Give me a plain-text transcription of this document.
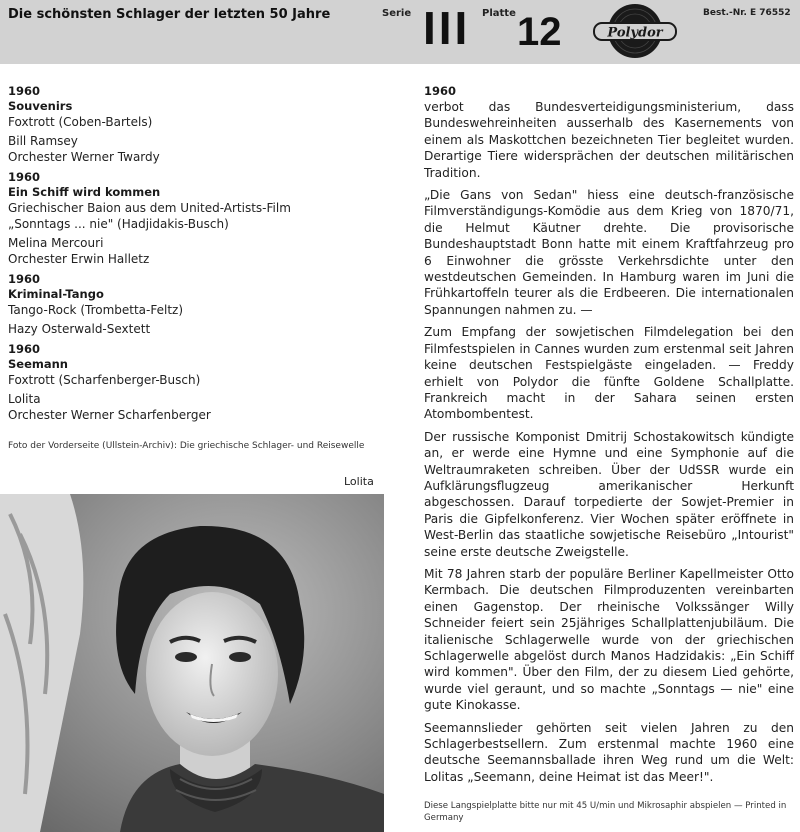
Die schönsten Schlager der letzten 50 Jahre	Serie III Platte 12	Polydor
Best.-Nr. E 76552
1960
Souvenirs
Foxtrott (Coben-Bartels)
Bill Ramsey
Orchester Werner Twardy
1960
Ein Schiff wird kommen
Griechischer Baion aus dem United-Artists-Film
„Sonntags ... nie" (Hadjidakis-Busch)
Melina Mercouri
Orchester Erwin Halletz
1960
Kriminal-Tango
Tango-Rock (Trombetta-Feltz)
Hazy Osterwald-Sextett
1960
Seemann
Foxtrott (Scharfenberger-Busch)
Lolita
Orchester Werner Scharfenberger
Foto der Vorderseite (Ullstein-Archiv): Die griechische Schlager- und Reisewelle
Lolita
1960

verbot das Bundesverteidigungsministerium, dass Bundeswehreinheiten ausserhalb des Kasernements von einem als Maskottchen bezeichneten Tier begleitet wurden. Derartige Tiere widersprächen der deutschen militärischen Tradition.

„Die Gans von Sedan" hiess eine deutsch-französische Filmverständigungs-Komödie aus dem Krieg von 1870/71, die Helmut Käutner drehte. Die provisorische Bundeshauptstadt Bonn hatte mit einem Kraftfahrzeug pro 6 Einwohner die grösste Verkehrsdichte unter den westdeutschen Gemeinden. In Hamburg waren im Juni die Frühkartoffeln teurer als die Erdbeeren. Die internationalen Spannungen nahmen zu. —

Zum Empfang der sowjetischen Filmdelegation bei den Filmfestspielen in Cannes wurden zum erstenmal seit Jahren keine deutschen Festspielgäste eingeladen. — Freddy erhielt von Polydor die fünfte Goldene Schallplatte. Frankreich macht in der Sahara seinen ersten Atombombentest.

Der russische Komponist Dmitrij Schostakowitsch kündigte an, er werde eine Hymne und eine Symphonie auf die Weltraumraketen schreiben. Über der UdSSR wurde ein Aufklärungsflugzeug amerikanischer Herkunft abgeschossen. Darauf torpedierte der Sowjet-Premier in Paris die Gipfelkonferenz. Vier Wochen später eröffnete in West-Berlin das staatliche sowjetische Reisebüro „Intourist" seine erste deutsche Zweigstelle.

Mit 78 Jahren starb der populäre Berliner Kapellmeister Otto Kermbach. Die deutschen Filmproduzenten vereinbarten einen Gagenstop. Der rheinische Volkssänger Willy Schneider feiert sein 25jähriges Schallplattenjubiläum. Die italienische Schlagerwelle wurde von der griechischen Schlagerwelle abgelöst durch Manos Hadzidakis: „Ein Schiff wird kommen". Über den Film, der zu diesem Lied gehörte, wurde viel geraunt, und so machte „Sonntags — nie" eine gute Kinokasse.

Seemannslieder gehörten seit vielen Jahren zu den Schlagerbestsellern. Zum erstenmal machte 1960 eine deutsche Seemannsballade ihren Weg rund um die Welt: Lolitas „Seemann, deine Heimat ist das Meer!".

Diese Langspielplatte bitte nur mit 45 U/min und Mikrosaphir abspielen — Printed in Germany
